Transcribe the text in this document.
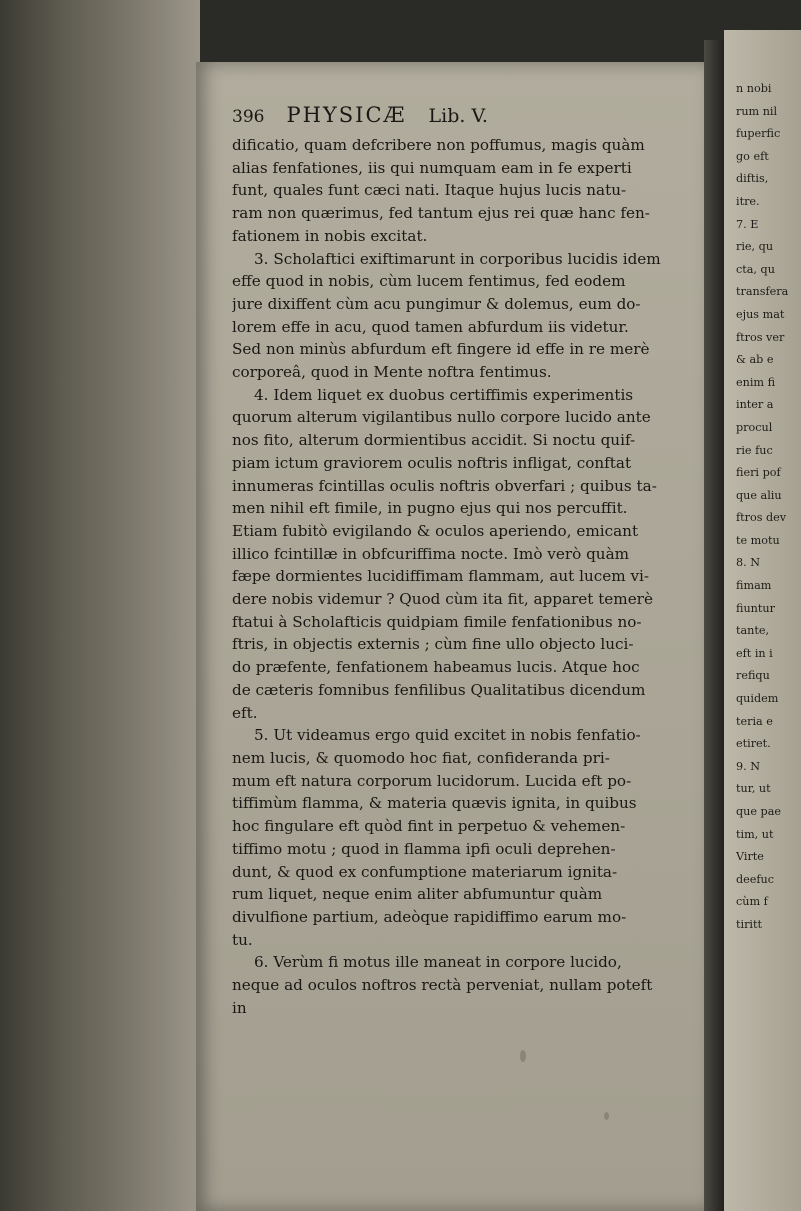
396 PHYSICÆ Lib. V.
dificatio, quam defcribere non poffumus, magis quàm
alias fenfationes, iis qui numquam eam in fe experti
funt, quales funt cæci nati. Itaque hujus lucis natu-
ram non quærimus, fed tantum ejus rei quæ hanc fen-
fationem in nobis excitat.
3. Scholaftici exiftimarunt in corporibus lucidis idem
effe quod in nobis, cùm lucem fentimus, fed eodem
jure dixiffent cùm acu pungimur & dolemus, eum do-
lorem effe in acu, quod tamen abfurdum iis videtur.
Sed non minùs abfurdum eft fingere id effe in re merè
corporeâ, quod in Mente noftra fentimus.
4. Idem liquet ex duobus certiffimis experimentis
quorum alterum vigilantibus nullo corpore lucido ante
nos fito, alterum dormientibus accidit. Si noctu quif-
piam ictum graviorem oculis noftris infligat, conftat
innumeras fcintillas oculis noftris obverfari ; quibus ta-
men nihil eft fimile, in pugno ejus qui nos percuffit.
Etiam fubitò evigilando & oculos aperiendo, emicant
illico fcintillæ in obfcuriffima nocte. Imò verò quàm
fæpe dormientes lucidiffimam flammam, aut lucem vi-
dere nobis videmur ? Quod cùm ita fit, apparet temerè
ftatui à Scholafticis quidpiam fimile fenfationibus no-
ftris, in objectis externis ; cùm fine ullo objecto luci-
do præfente, fenfationem habeamus lucis. Atque hoc
de cæteris fomnibus fenfilibus Qualitatibus dicendum
eft.
5. Ut videamus ergo quid excitet in nobis fenfatio-
nem lucis, & quomodo hoc fiat, confideranda pri-
mum eft natura corporum lucidorum. Lucida eft po-
tiffimùm flamma, & materia quævis ignita, in quibus
hoc fingulare eft quòd fint in perpetuo & vehemen-
tiffimo motu ; quod in flamma ipfi oculi deprehen-
dunt, & quod ex confumptione materiarum ignita-
rum liquet, neque enim aliter abfumuntur quàm
divulfione partium, adeòque rapidiffimo earum mo-
tu.
6. Verùm fi motus ille maneat in corpore lucido,
neque ad oculos noftros rectà perveniat, nullam poteft
in
n nobi
rum nil
fuperfic
go eft
diftis,
itre.
7. E
rie, qu
cta, qu
transfera
ejus mat
ftros ver
& ab e
enim fi
inter a
procul
rie fuc
fieri pof
que aliu
ftros dev
te motu
8. N
fimam
fiuntur
tante,
eft in i
refiqu
quidem
teria e
etiret.
9. N
tur, ut
que pae
tim, ut
Virte
deefuc
cùm f
tiritt
